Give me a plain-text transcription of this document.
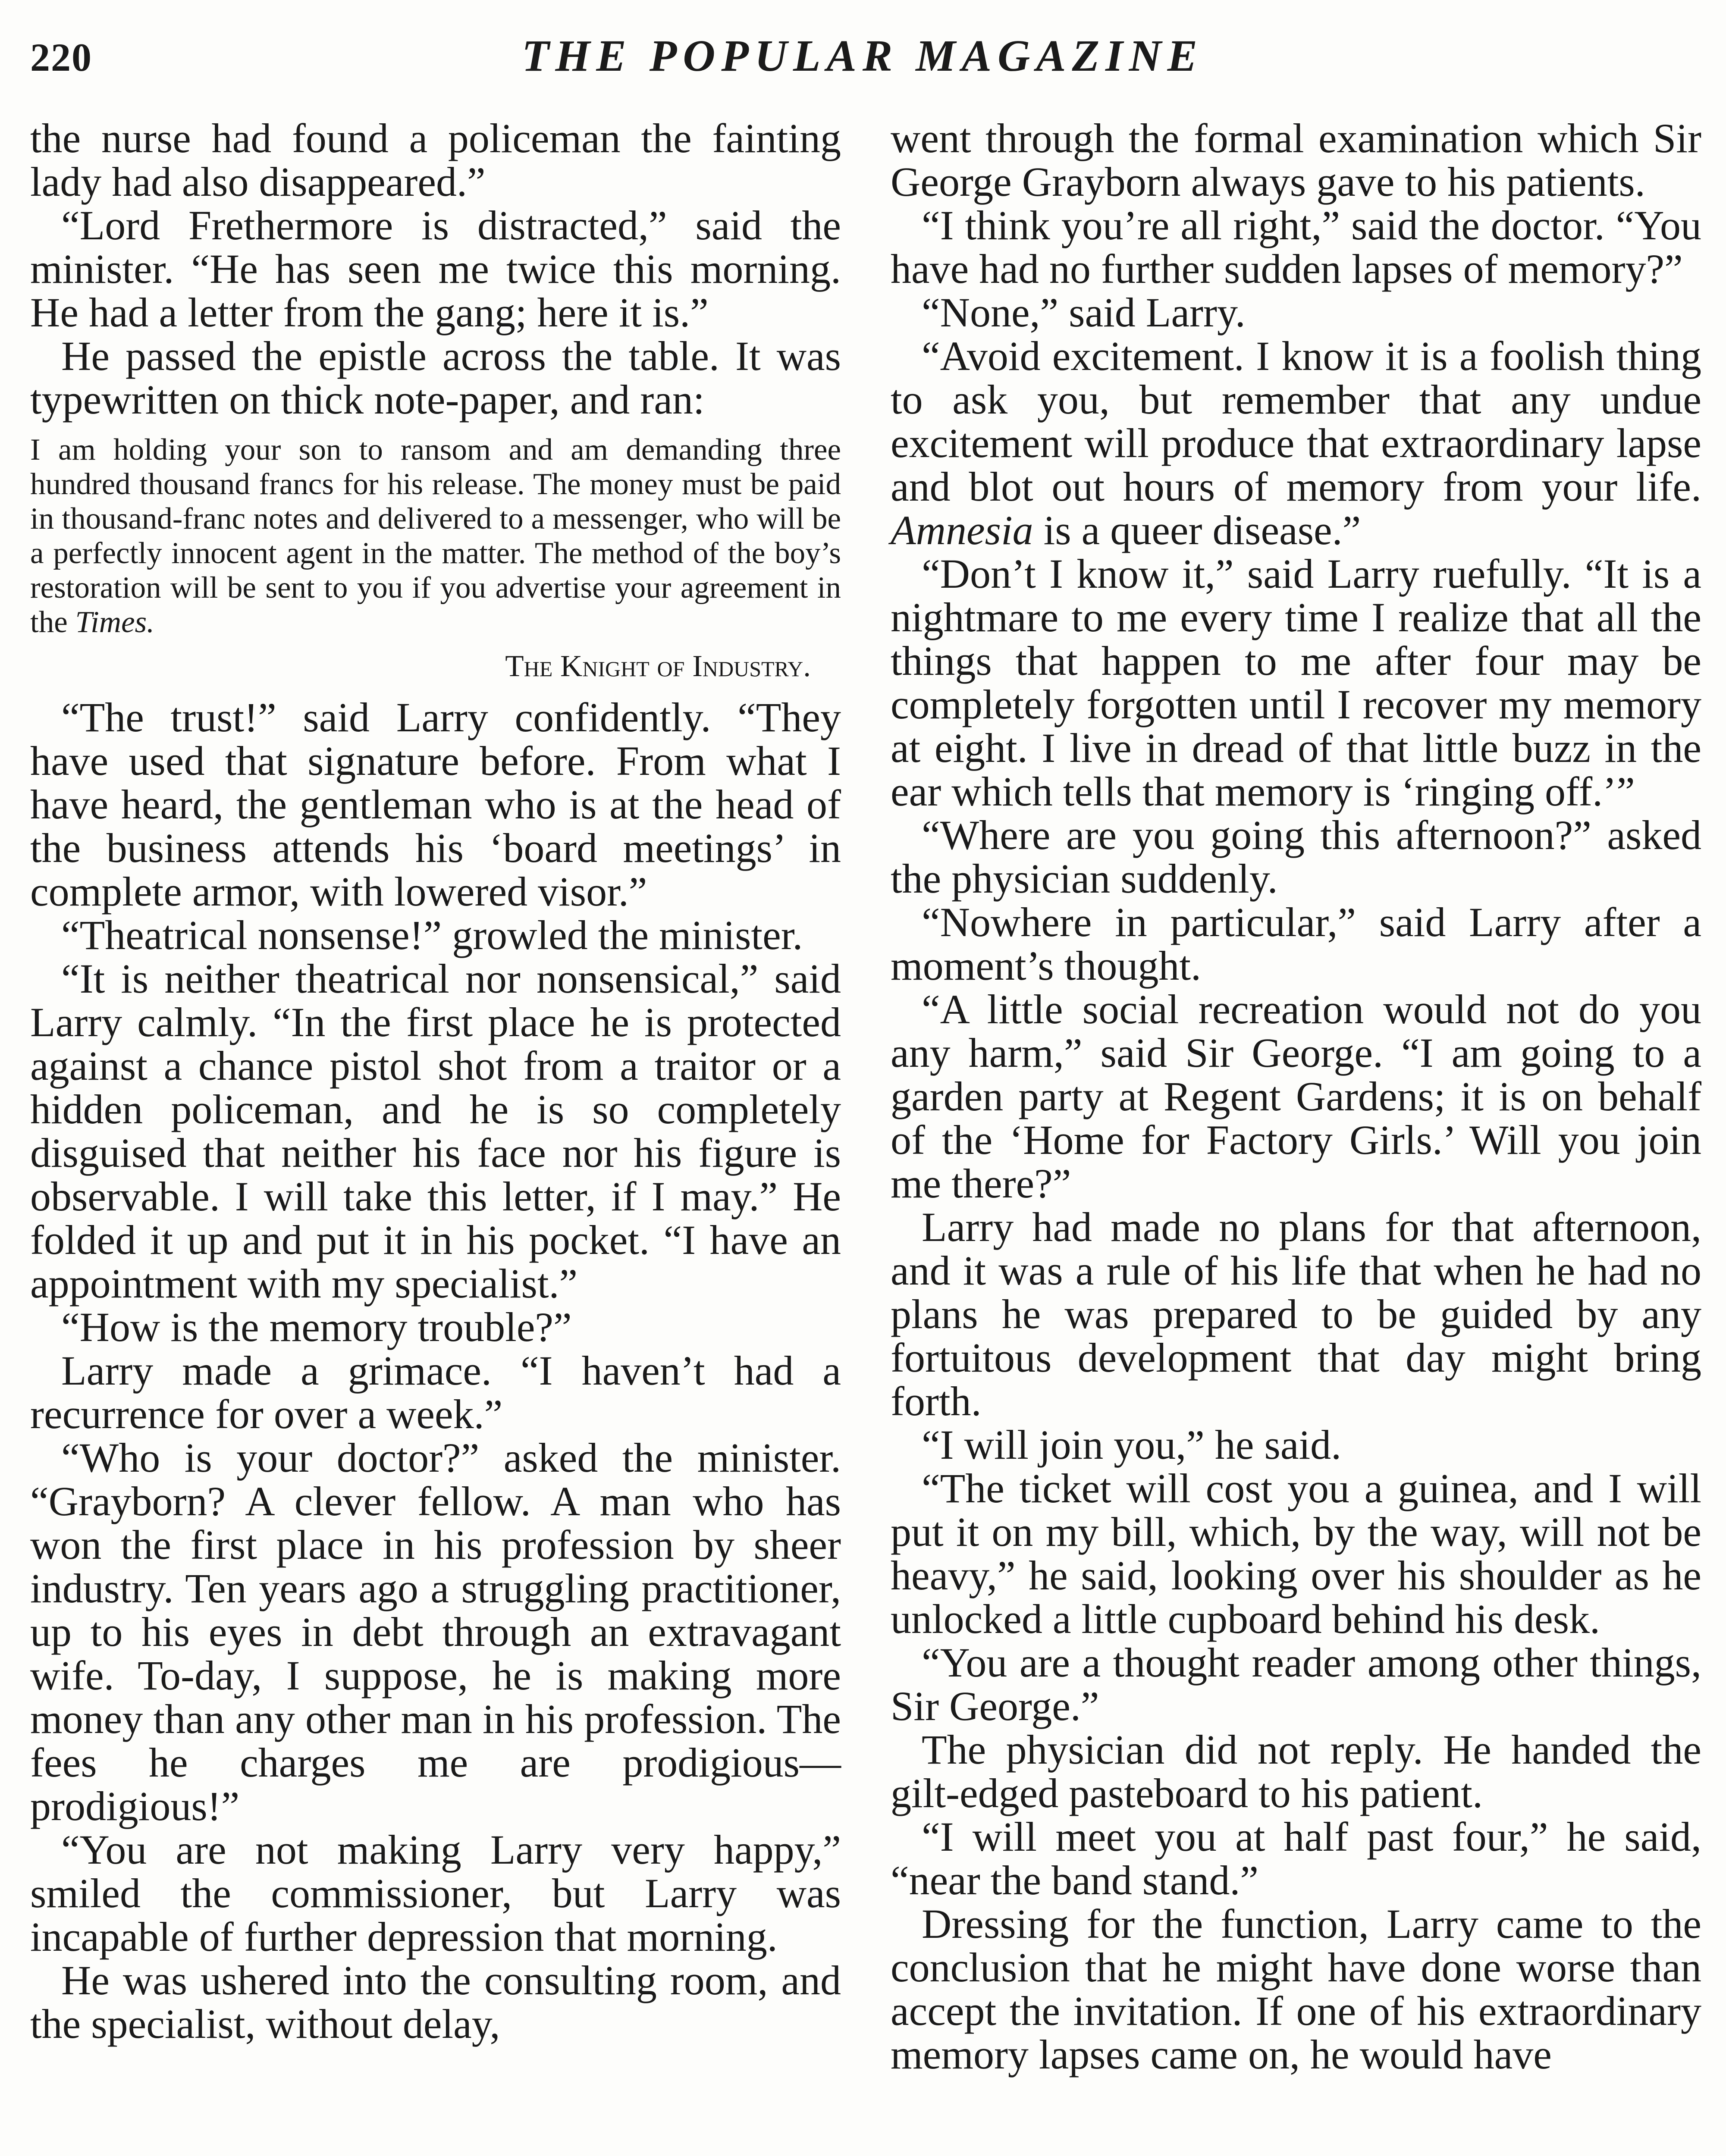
220	THE POPULAR MAGAZINE

the nurse had found a policeman the fainting lady had also disappeared.”

“Lord Frethermore is distracted,” said the minister. “He has seen me twice this morning. He had a letter from the gang; here it is.”

He passed the epistle across the table. It was typewritten on thick note-paper, and ran:

I am holding your son to ransom and am demanding three hundred thousand francs for his release. The money must be paid in thousand-franc notes and delivered to a messenger, who will be a perfectly innocent agent in the matter. The method of the boy’s restoration will be sent to you if you advertise your agreement in the Times.

The Knight of Industry.

“The trust!” said Larry confidently. “They have used that signature before. From what I have heard, the gentleman who is at the head of the business attends his ‘board meetings’ in complete armor, with lowered visor.”

“Theatrical nonsense!” growled the minister.

“It is neither theatrical nor nonsensical,” said Larry calmly. “In the first place he is protected against a chance pistol shot from a traitor or a hidden policeman, and he is so completely disguised that neither his face nor his figure is observable. I will take this letter, if I may.” He folded it up and put it in his pocket. “I have an appointment with my specialist.”

“How is the memory trouble?”

Larry made a grimace. “I haven’t had a recurrence for over a week.”

“Who is your doctor?” asked the minister. “Grayborn? A clever fellow. A man who has won the first place in his profession by sheer industry. Ten years ago a struggling practitioner, up to his eyes in debt through an extravagant wife. To-day, I suppose, he is making more money than any other man in his profession. The fees he charges me are prodigious—prodigious!”

“You are not making Larry very happy,” smiled the commissioner, but Larry was incapable of further depression that morning.

He was ushered into the consulting room, and the specialist, without delay,

went through the formal examination which Sir George Grayborn always gave to his patients.

“I think you’re all right,” said the doctor. “You have had no further sudden lapses of memory?”

“None,” said Larry.

“Avoid excitement. I know it is a foolish thing to ask you, but remember that any undue excitement will produce that extraordinary lapse and blot out hours of memory from your life. Amnesia is a queer disease.”

“Don’t I know it,” said Larry ruefully. “It is a nightmare to me every time I realize that all the things that happen to me after four may be completely forgotten until I recover my memory at eight. I live in dread of that little buzz in the ear which tells that memory is ‘ringing off.’”

“Where are you going this afternoon?” asked the physician suddenly.

“Nowhere in particular,” said Larry after a moment’s thought.

“A little social recreation would not do you any harm,” said Sir George. “I am going to a garden party at Regent Gardens; it is on behalf of the ‘Home for Factory Girls.’ Will you join me there?”

Larry had made no plans for that afternoon, and it was a rule of his life that when he had no plans he was prepared to be guided by any fortuitous development that day might bring forth.

“I will join you,” he said.

“The ticket will cost you a guinea, and I will put it on my bill, which, by the way, will not be heavy,” he said, looking over his shoulder as he unlocked a little cupboard behind his desk.

“You are a thought reader among other things, Sir George.”

The physician did not reply. He handed the gilt-edged pasteboard to his patient.

“I will meet you at half past four,” he said, “near the band stand.”

Dressing for the function, Larry came to the conclusion that he might have done worse than accept the invitation. If one of his extraordinary memory lapses came on, he would have
